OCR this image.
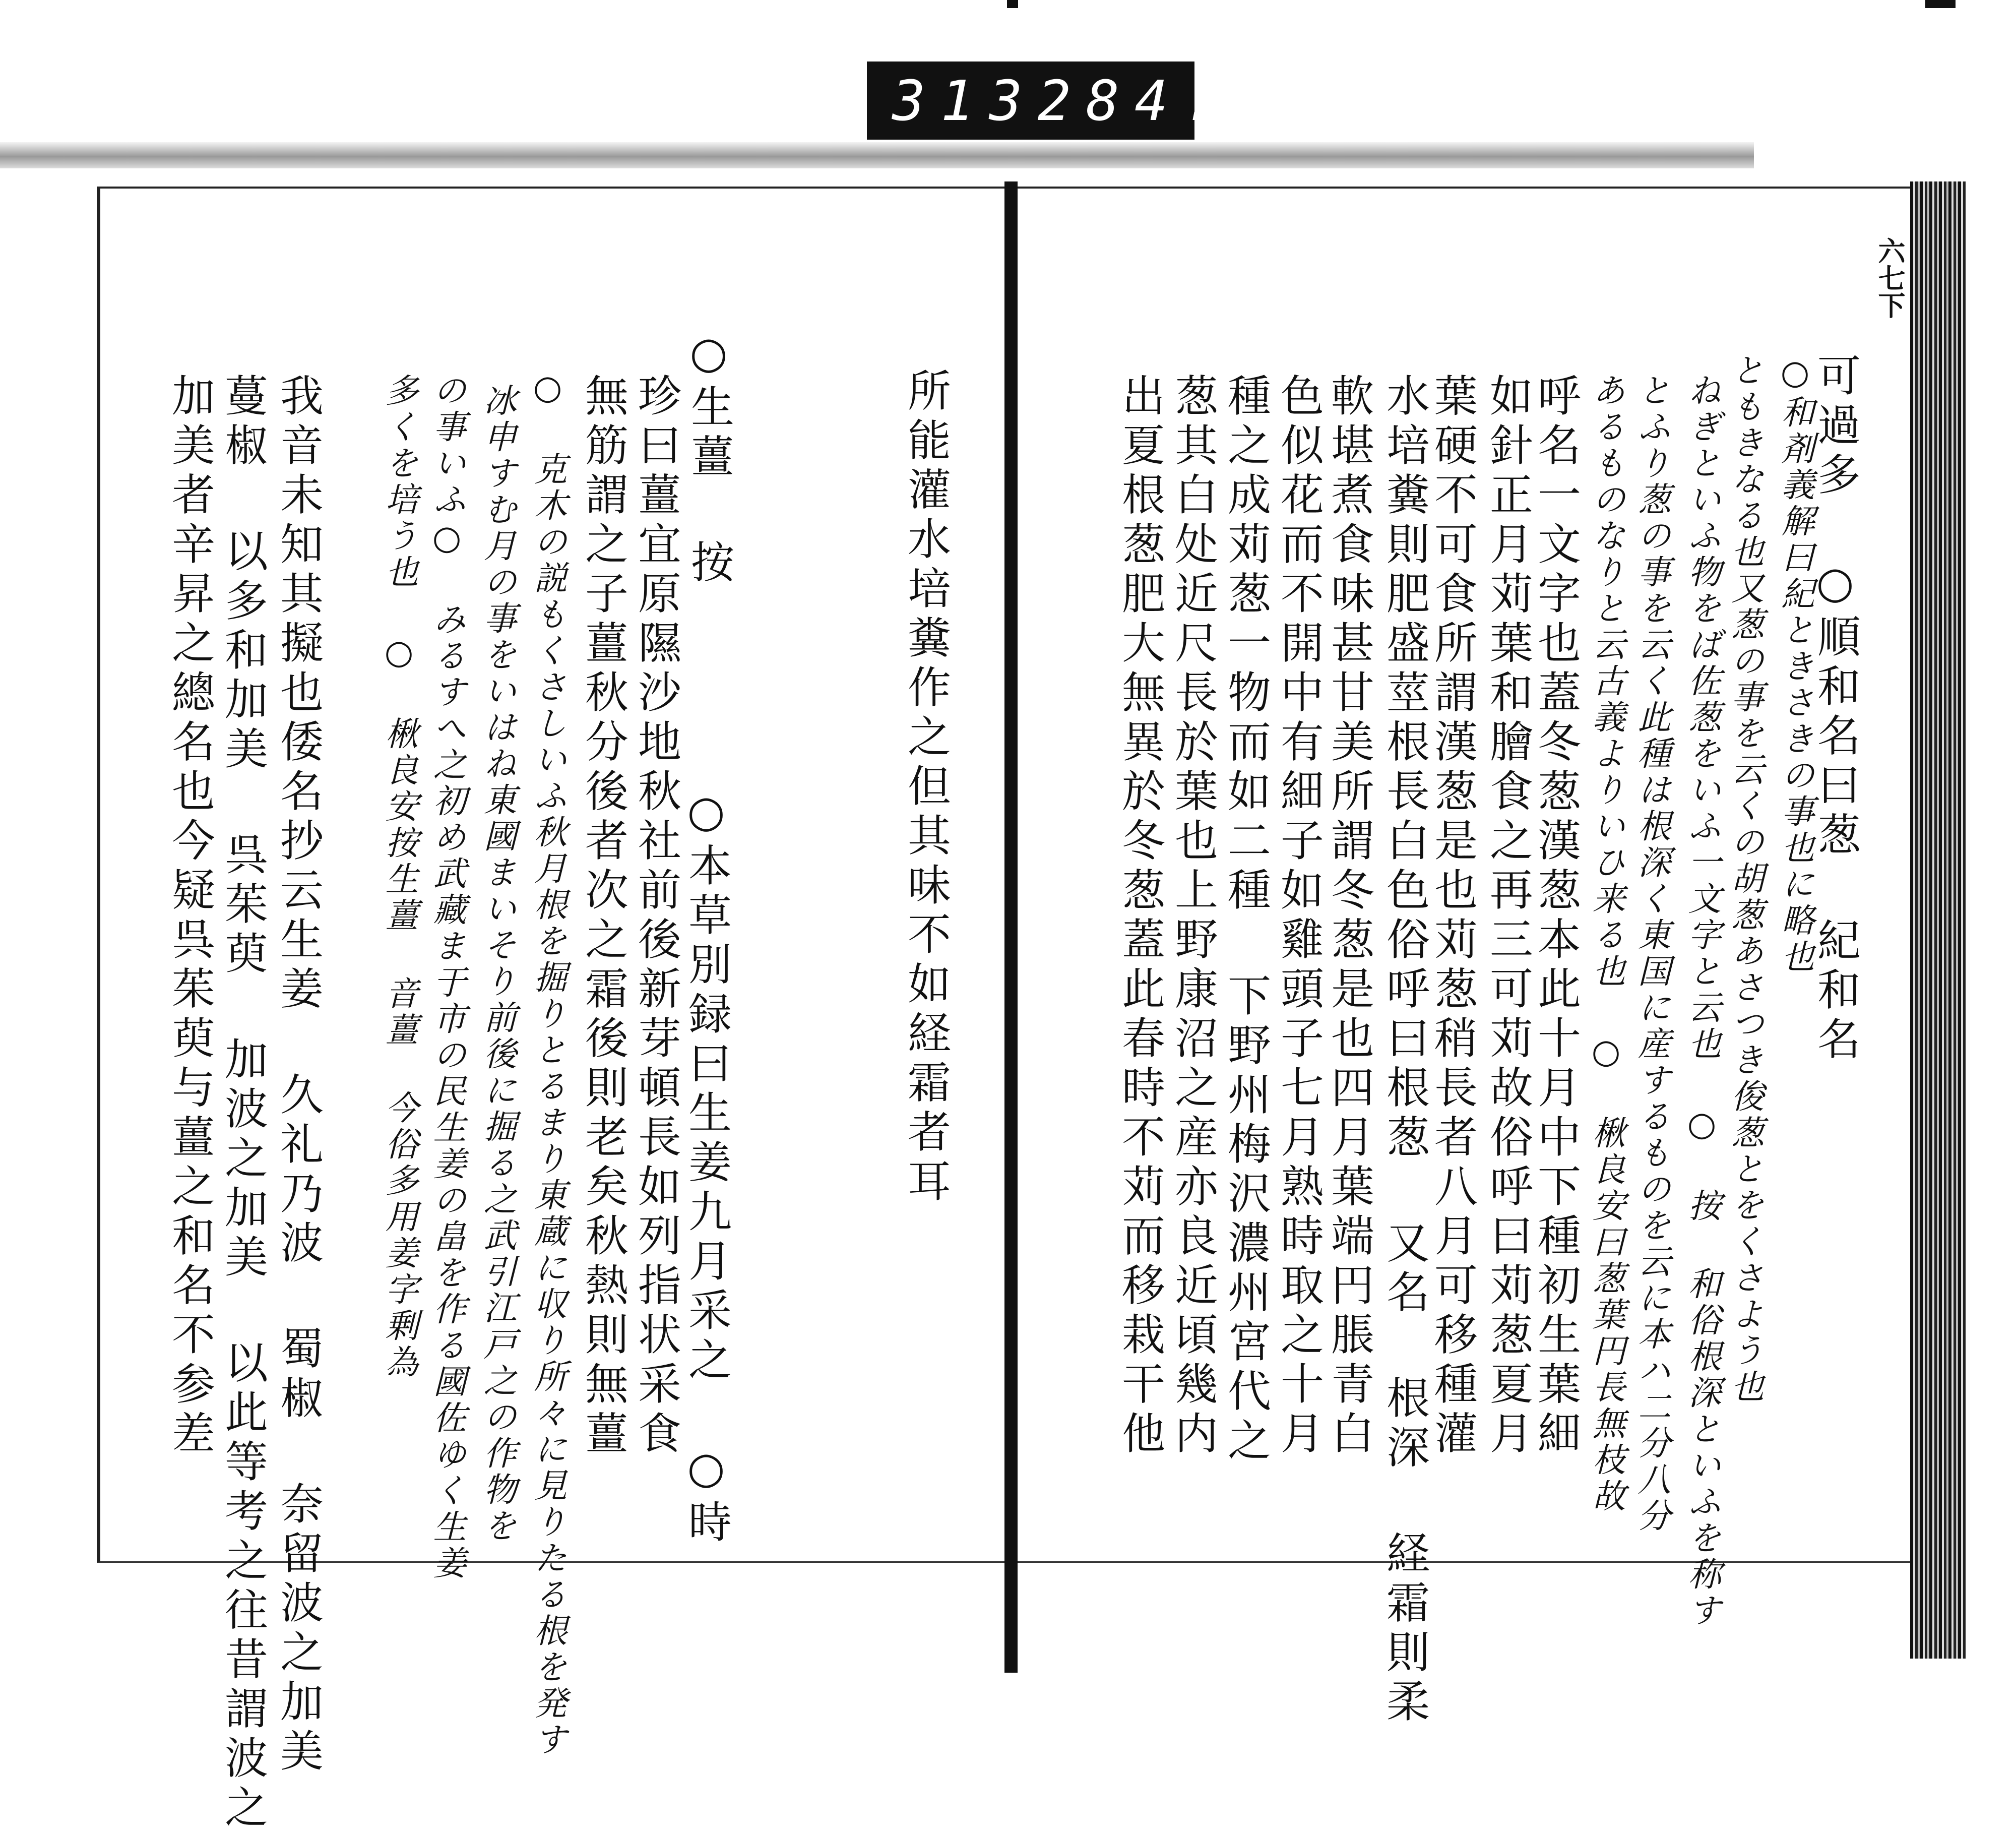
313 284.
六七下
可過多 ○順和名曰葱 紀和名
○和剤義解曰紀ときさきの事也に略也
ともきなる也又葱の事を云くの胡葱あさつき俊葱とをくさよう也
ねぎといふ物をば佐葱をいふ一文字と云也 ○ 按 和俗根深といふを称す
とふり葱の事を云く此種は根深く東国に産するものを云に本ハ二分八分
あるものなりと云古義よりいひ来る也 ○ 楸良安曰葱葉円長無枝故
呼名一文字也蓋冬葱漢葱本此十月中下種初生葉細
如針正月苅葉和膾食之再三可苅故俗呼曰苅葱夏月
葉硬不可食所謂漢葱是也苅葱稍長者八月可移種灌
水培糞則肥盛莖根長白色俗呼曰根葱 又名 根深 経霜則柔
軟堪煮食味甚甘美所謂冬葱是也四月葉端円脹青白
色似花而不開中有細子如雞頭子七月熟時取之十月
種之成苅葱一物而如二種 下野州梅沢濃州宮代之
葱其白处近尺長於葉也上野康沼之産亦良近頃幾内
出夏根葱肥大無異於冬葱蓋此春時不苅而移栽干他
所能灌水培糞作之但其味不如経霜者耳
○本草別録曰生姜九月采之 ○時
○生薑 按
珍曰薑宜原隰沙地秋社前後新芽頓長如列指状采食
無筋謂之子薑秋分後者次之霜後則老矣秋熱則無薑
○ 克木の説もくさしいふ秋月根を掘りとるまり東蔵に収り所々に見りたる根を発す
冰申すむ月の事をいはね東國まいそり前後に掘る之武引江戸之の作物を
の事いふ○ みるすへ之初め武藏ま于市の民生姜の畠を作る國佐ゆく生姜
多くを培う也 ○ 楸良安按生薑 音薑 今俗多用姜字剰為
我音未知其擬也倭名抄云生姜 久礼乃波 蜀椒 奈留波之加美
蔓椒 以多和加美 呉茱萸 加波之加美 以此等考之往昔謂波之
加美者辛昇之總名也今疑呉茱萸与薑之和名不参差
